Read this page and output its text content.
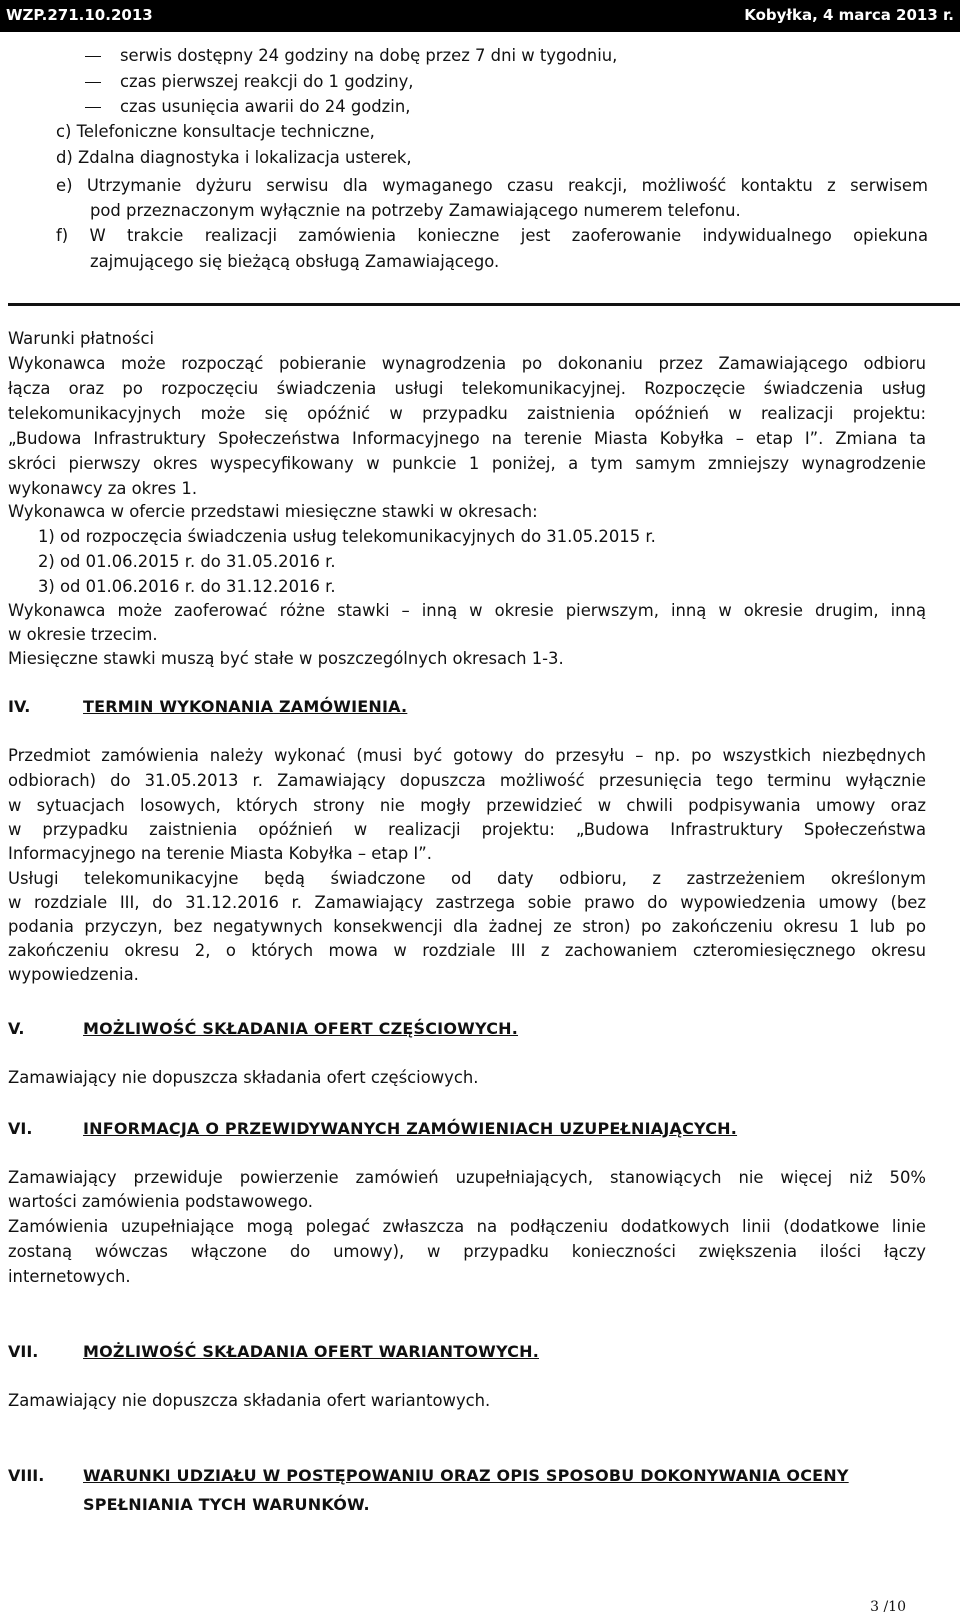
WZP.271.10.2013	Kobyłka, 4 marca 2013 r.
serwis dostępny 24 godziny na dobę przez 7 dni w tygodniu,
czas pierwszej reakcji do 1 godziny,
czas usunięcia awarii do 24 godzin,
c) Telefoniczne konsultacje techniczne,
d) Zdalna diagnostyka i lokalizacja usterek,
e) Utrzymanie dyżuru serwisu dla wymaganego czasu reakcji, możliwość kontaktu z serwisem
pod przeznaczonym wyłącznie na potrzeby Zamawiającego numerem telefonu.
f) W trakcie realizacji zamówienia konieczne jest zaoferowanie indywidualnego opiekuna
zajmującego się bieżącą obsługą Zamawiającego.
Warunki płatności
Wykonawca może rozpocząć pobieranie wynagrodzenia po dokonaniu przez Zamawiającego odbioru
łącza oraz po rozpoczęciu świadczenia usługi telekomunikacyjnej. Rozpoczęcie świadczenia usług
telekomunikacyjnych może się opóźnić w przypadku zaistnienia opóźnień w realizacji projektu:
„Budowa Infrastruktury Społeczeństwa Informacyjnego na terenie Miasta Kobyłka – etap I”. Zmiana ta
skróci pierwszy okres wyspecyfikowany w punkcie 1 poniżej, a tym samym zmniejszy wynagrodzenie
wykonawcy za okres 1.
Wykonawca w ofercie przedstawi miesięczne stawki w okresach:
1) od rozpoczęcia świadczenia usług telekomunikacyjnych do 31.05.2015 r.
2) od 01.06.2015 r. do 31.05.2016 r.
3) od 01.06.2016 r. do 31.12.2016 r.
Wykonawca może zaoferować różne stawki – inną w okresie pierwszym, inną w okresie drugim, inną
w okresie trzecim.
Miesięczne stawki muszą być stałe w poszczególnych okresach 1-3.
IV.	TERMIN WYKONANIA ZAMÓWIENIA.
Przedmiot zamówienia należy wykonać (musi być gotowy do przesyłu – np. po wszystkich niezbędnych
odbiorach) do 31.05.2013 r. Zamawiający dopuszcza możliwość przesunięcia tego terminu wyłącznie
w sytuacjach losowych, których strony nie mogły przewidzieć w chwili podpisywania umowy oraz
w przypadku zaistnienia opóźnień w realizacji projektu: „Budowa Infrastruktury Społeczeństwa
Informacyjnego na terenie Miasta Kobyłka – etap I”.
Usługi telekomunikacyjne będą świadczone od daty odbioru, z zastrzeżeniem określonym
w rozdziale III, do 31.12.2016 r. Zamawiający zastrzega sobie prawo do wypowiedzenia umowy (bez
podania przyczyn, bez negatywnych konsekwencji dla żadnej ze stron) po zakończeniu okresu 1 lub po
zakończeniu okresu 2, o których mowa w rozdziale III z zachowaniem czteromiesięcznego okresu
wypowiedzenia.
V.	MOŻLIWOŚĆ SKŁADANIA OFERT CZĘŚCIOWYCH.
Zamawiający nie dopuszcza składania ofert częściowych.
VI.	INFORMACJA O PRZEWIDYWANYCH ZAMÓWIENIACH UZUPEŁNIAJĄCYCH.
Zamawiający przewiduje powierzenie zamówień uzupełniających, stanowiących nie więcej niż 50%
wartości zamówienia podstawowego.
Zamówienia uzupełniające mogą polegać zwłaszcza na podłączeniu dodatkowych linii (dodatkowe linie
zostaną wówczas włączone do umowy), w przypadku konieczności zwiększenia ilości łączy
internetowych.
VII.	MOŻLIWOŚĆ SKŁADANIA OFERT WARIANTOWYCH.
Zamawiający nie dopuszcza składania ofert wariantowych.
VIII. WARUNKI UDZIAŁU W POSTĘPOWANIU ORAZ OPIS SPOSOBU DOKONYWANIA OCENY
SPEŁNIANIA TYCH WARUNKÓW.
3 /10
